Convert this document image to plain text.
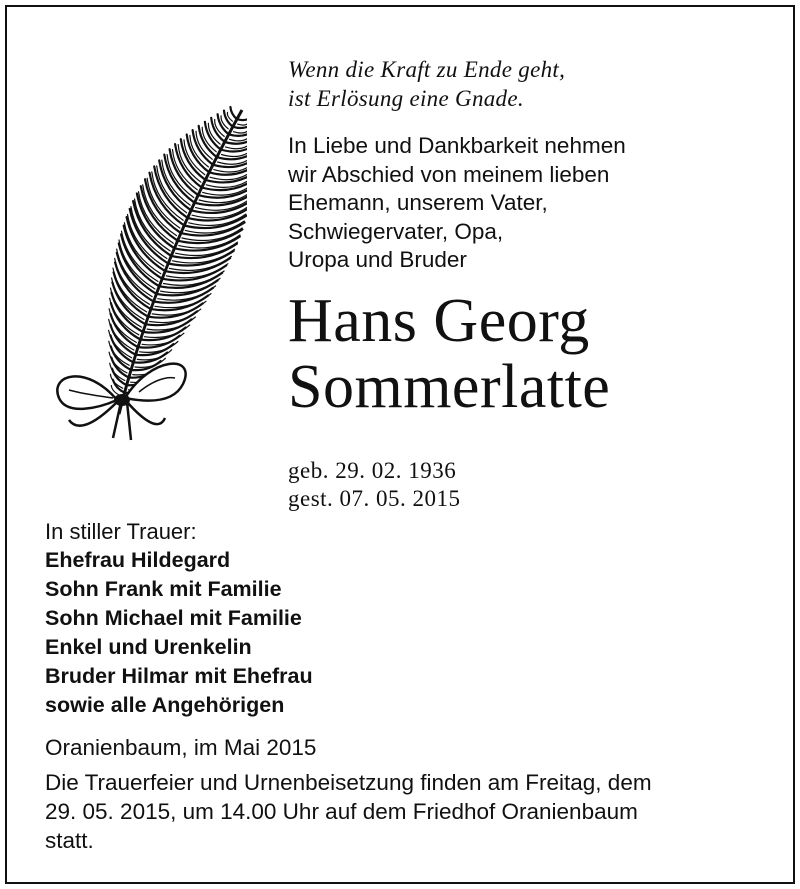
Wenn die Kraft zu Ende geht,
ist Erlösung eine Gnade.

In Liebe und Dankbarkeit nehmen
wir Abschied von meinem lieben
Ehemann, unserem Vater,
Schwiegervater, Opa,
Uropa und Bruder

Hans Georg
Sommerlatte

geb. 29. 02. 1936
gest. 07. 05. 2015

In stiller Trauer:
Ehefrau Hildegard
Sohn Frank mit Familie
Sohn Michael mit Familie
Enkel und Urenkelin
Bruder Hilmar mit Ehefrau
sowie alle Angehörigen

Oranienbaum, im Mai 2015

Die Trauerfeier und Urnenbeisetzung finden am Freitag, dem
29. 05. 2015, um 14.00 Uhr auf dem Friedhof Oranienbaum
statt.
